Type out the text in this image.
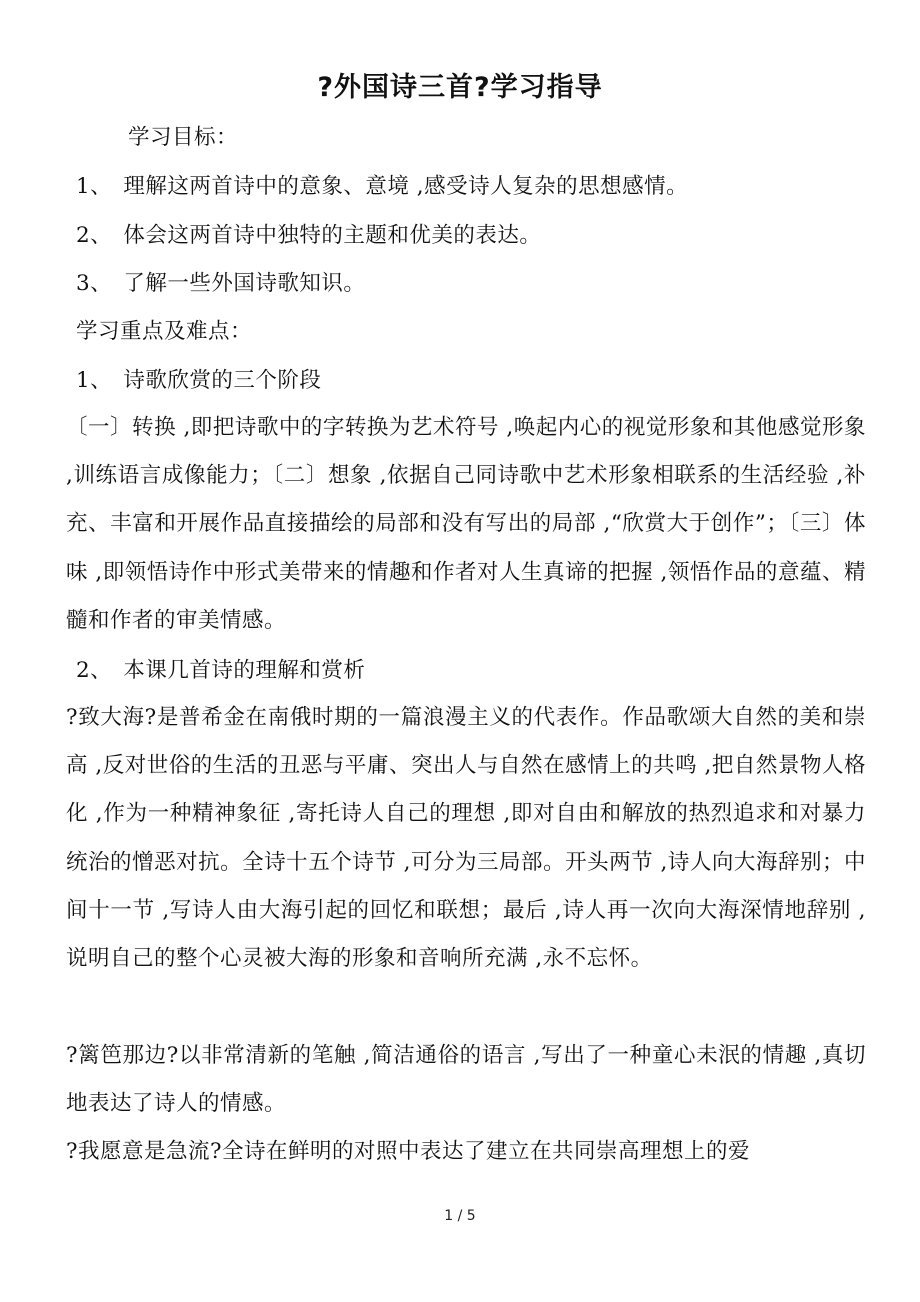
?外国诗三首?学习指导
学习目标：
1、　理解这两首诗中的意象、意境 ,感受诗人复杂的思想感情。
2、　体会这两首诗中独特的主题和优美的表达。
3、　了解一些外国诗歌知识。
学习重点及难点：
1、　诗歌欣赏的三个阶段
〔一〕转换 ,即把诗歌中的字转换为艺术符号 ,唤起内心的视觉形象和其他感觉形象 ,训练语言成像能力；〔二〕想象 ,依据自己同诗歌中艺术形象相联系的生活经验 ,补充、丰富和开展作品直接描绘的局部和没有写出的局部 ,“欣赏大于创作”；〔三〕体味 ,即领悟诗作中形式美带来的情趣和作者对人生真谛的把握 ,领悟作品的意蕴、精髓和作者的审美情感。
2、　本课几首诗的理解和赏析
?致大海?是普希金在南俄时期的一篇浪漫主义的代表作。作品歌颂大自然的美和崇高 ,反对世俗的生活的丑恶与平庸、突出人与自然在感情上的共鸣 ,把自然景物人格化 ,作为一种精神象征 ,寄托诗人自己的理想 ,即对自由和解放的热烈追求和对暴力统治的憎恶对抗。全诗十五个诗节 ,可分为三局部。开头两节 ,诗人向大海辞别；中间十一节 ,写诗人由大海引起的回忆和联想；最后 ,诗人再一次向大海深情地辞别 ,说明自己的整个心灵被大海的形象和音响所充满 ,永不忘怀。
?篱笆那边?以非常清新的笔触 ,简洁通俗的语言 ,写出了一种童心未泯的情趣 ,真切地表达了诗人的情感。
?我愿意是急流?全诗在鲜明的对照中表达了建立在共同崇高理想上的爱
1 / 5
